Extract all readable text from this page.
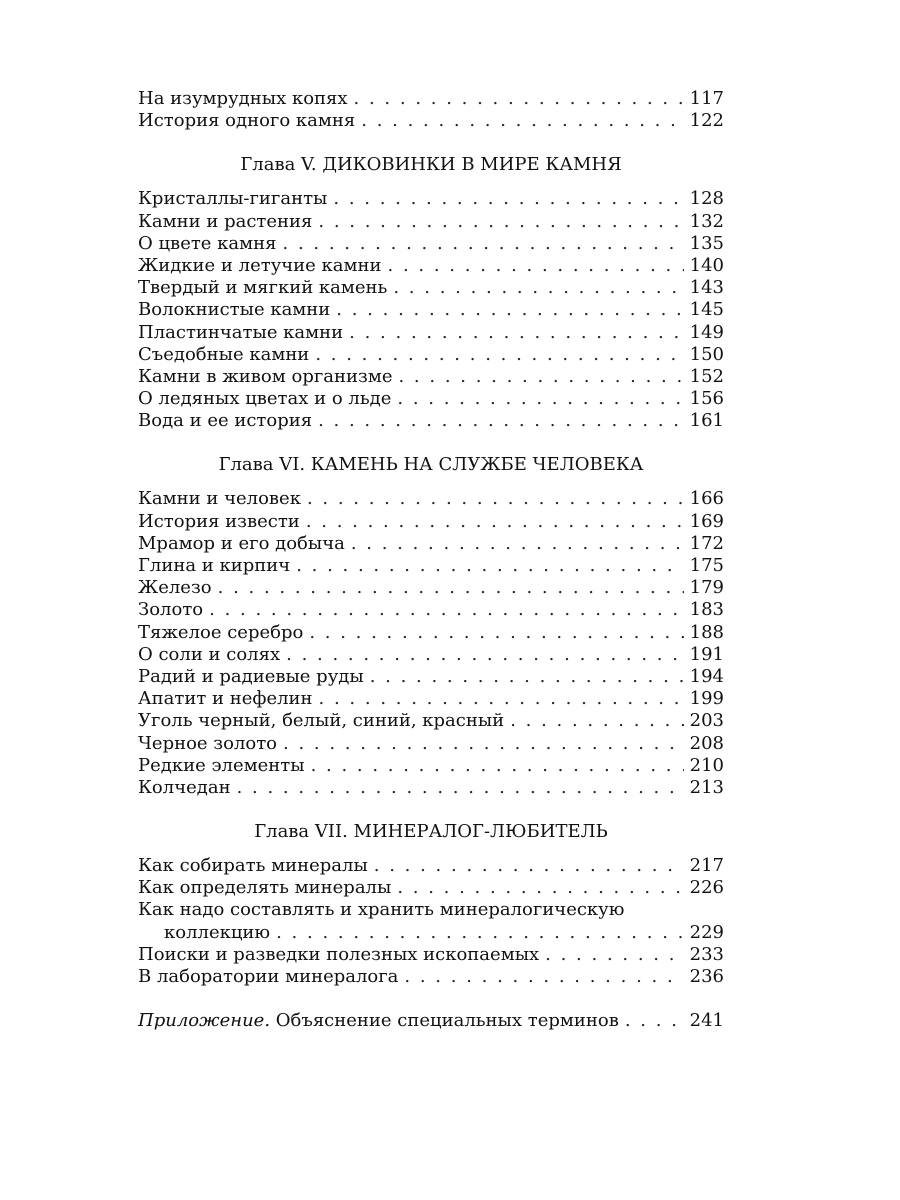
На изумрудных копях . . .	117
История одного камня . . .	122
Глава V. ДИКОВИНКИ В МИРЕ КАМНЯ
Кристаллы-гиганты . . .	128
Камни и растения . . .	132
О цвете камня . . .	135
Жидкие и летучие камни . . .	140
Твердый и мягкий камень . . .	143
Волокнистые камни . . .	145
Пластинчатые камни . . .	149
Съедобные камни . . .	150
Камни в живом организме . . .	152
О ледяных цветах и о льде . . .	156
Вода и ее история . . .	161
Глава VI. КАМЕНЬ НА СЛУЖБЕ ЧЕЛОВЕКА
Камни и человек . . .	166
История извести . . .	169
Мрамор и его добыча . . .	172
Глина и кирпич . . .	175
Железо . . .	179
Золото . . .	183
Тяжелое серебро . . .	188
О соли и солях . . .	191
Радий и радиевые руды . . .	194
Апатит и нефелин . . .	199
Уголь черный, белый, синий, красный . . .	203
Черное золото . . .	208
Редкие элементы . . .	210
Колчедан . . .	213
Глава VII. МИНЕРАЛОГ-ЛЮБИТЕЛЬ
Как собирать минералы . . .	217
Как определять минералы . . .	226
Как надо составлять и хранить минералогическую
коллекцию . . .	229
Поиски и разведки полезных ископаемых . . .	233
В лаборатории минералога . . .	236
Приложение. Объяснение специальных терминов . . .	241
